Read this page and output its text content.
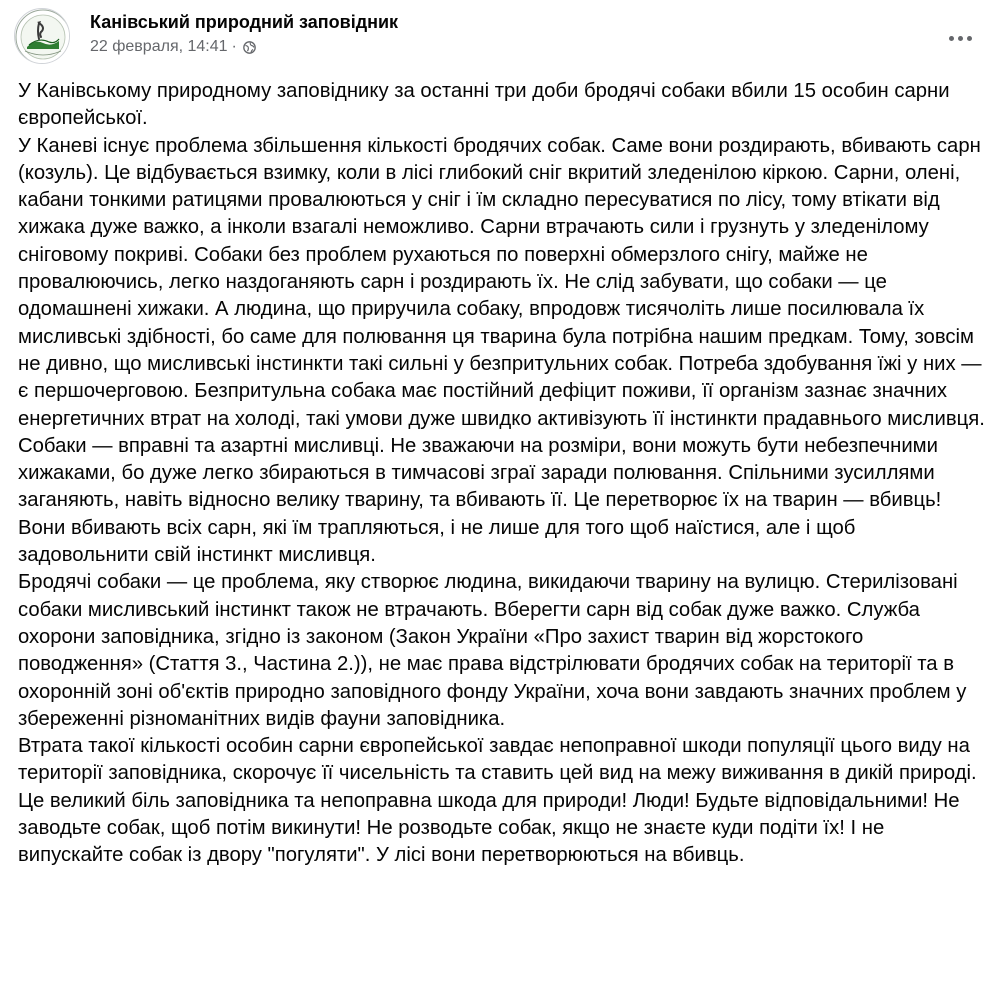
Канівський природний заповідник
22 февраля, 14:41 ·

У Канівському природному заповіднику за останні три доби бродячі собаки вбили 15 особин сарни європейської.

У Каневі існує проблема збільшення кількості бродячих собак. Саме вони роздирають, вбивають сарн (козуль). Це відбувається взимку, коли в лісі глибокий сніг вкритий зледенілою кіркою. Сарни, олені, кабани тонкими ратицями провалюються у сніг і їм складно пересуватися по лісу, тому втікати від хижака дуже важко, а інколи взагалі неможливо. Сарни втрачають сили і грузнуть у зледенілому сніговому покриві. Собаки без проблем рухаються по поверхні обмерзлого снігу, майже не провалюючись, легко наздоганяють сарн і роздирають їх. Не слід забувати, що собаки — це одомашнені хижаки. А людина, що приручила собаку, впродовж тисячоліть лише посилювала їх мисливські здібності, бо саме для полювання ця тварина була потрібна нашим предкам. Тому, зовсім не дивно, що мисливські інстинкти такі сильні у безпритульних собак. Потреба здобування їжі у них — є першочерговою. Безпритульна собака має постійний дефіцит поживи, її організм зазнає значних енергетичних втрат на холоді, такі умови дуже швидко активізують її інстинкти прадавнього мисливця. Собаки — вправні та азартні мисливці. Не зважаючи на розміри, вони можуть бути небезпечними хижаками, бо дуже легко збираються в тимчасові зграї заради полювання. Спільними зусиллями заганяють, навіть відносно велику тварину, та вбивають її. Це перетворює їх на тварин — вбивць!  Вони вбивають всіх сарн, які їм трапляються, і не лише для того щоб наїстися, але і щоб задовольнити свій інстинкт мисливця.

Бродячі собаки — це проблема, яку створює людина, викидаючи тварину на вулицю. Стерилізовані собаки мисливський інстинкт також не втрачають. Вберегти сарн від собак дуже важко. Служба охорони заповідника, згідно із законом (Закон України «Про захист тварин від жорстокого поводження» (Стаття 3., Частина 2.)), не має права відстрілювати бродячих собак на території та в охоронній зоні об'єктів природно заповідного фонду України, хоча вони завдають значних проблем у збереженні різноманітних видів фауни заповідника.

Втрата такої кількості особин сарни європейської завдає непоправної шкоди популяції цього виду на території заповідника, скорочує її чисельність та ставить цей вид на межу виживання в дикій природі. Це великий біль заповідника та непоправна шкода для природи! Люди! Будьте відповідальними! Не заводьте собак, щоб потім викинути! Не розводьте собак, якщо не знаєте куди подіти їх! І не випускайте собак із двору "погуляти". У лісі вони перетворюються на вбивць.
